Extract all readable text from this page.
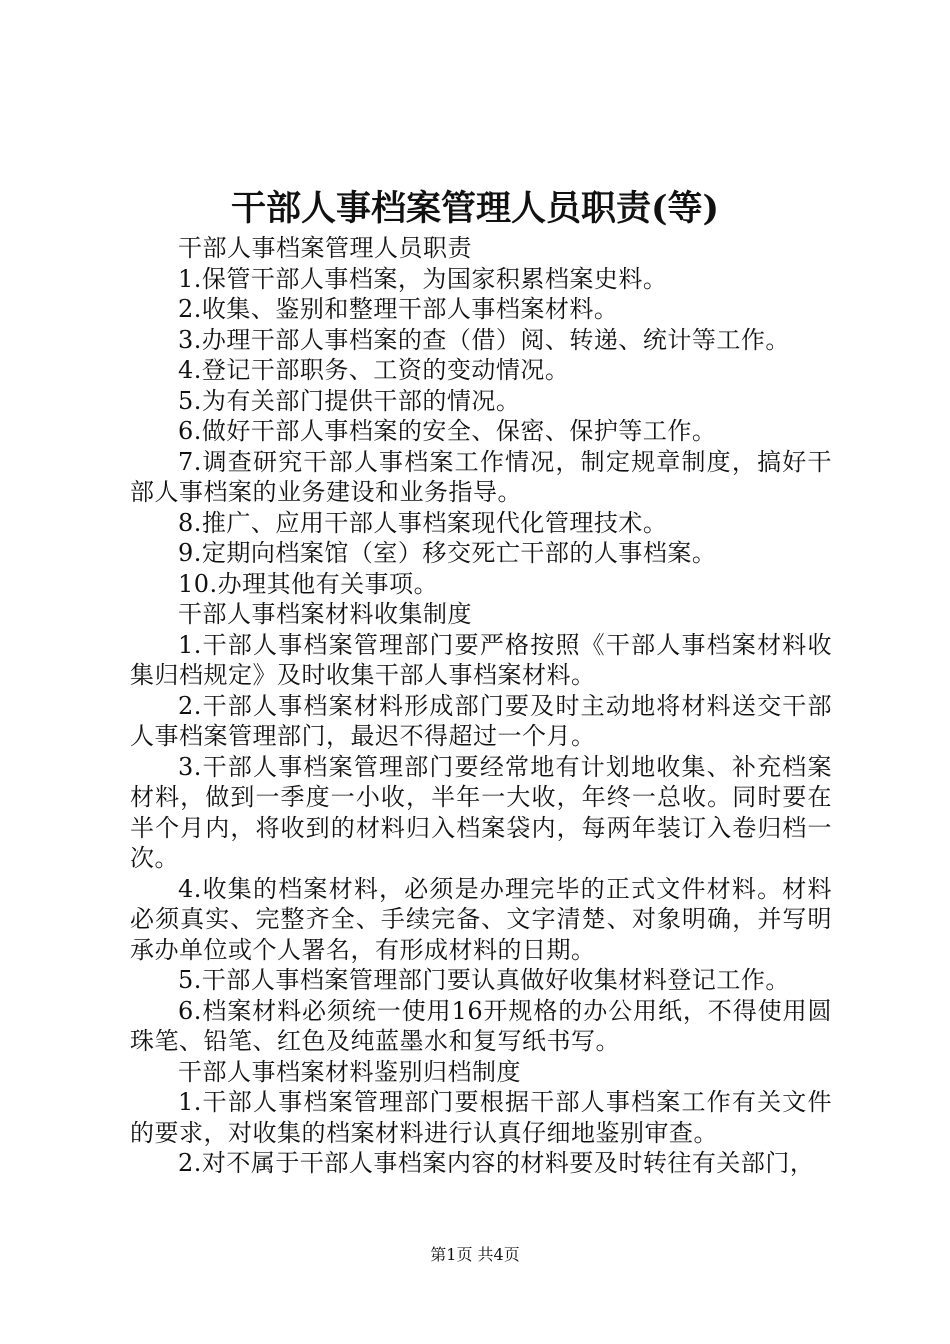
干部人事档案管理人员职责(等)

干部人事档案管理人员职责

1.保管干部人事档案，为国家积累档案史料。

2.收集、鉴别和整理干部人事档案材料。

3.办理干部人事档案的查（借）阅、转递、统计等工作。

4.登记干部职务、工资的变动情况。

5.为有关部门提供干部的情况。

6.做好干部人事档案的安全、保密、保护等工作。

7.调查研究干部人事档案工作情况，制定规章制度，搞好干部人事档案的业务建设和业务指导。

8.推广、应用干部人事档案现代化管理技术。

9.定期向档案馆（室）移交死亡干部的人事档案。

10.办理其他有关事项。

干部人事档案材料收集制度

1.干部人事档案管理部门要严格按照《干部人事档案材料收集归档规定》及时收集干部人事档案材料。

2.干部人事档案材料形成部门要及时主动地将材料送交干部人事档案管理部门，最迟不得超过一个月。

3.干部人事档案管理部门要经常地有计划地收集、补充档案材料，做到一季度一小收，半年一大收，年终一总收。同时要在半个月内，将收到的材料归入档案袋内，每两年装订入卷归档一次。

4.收集的档案材料，必须是办理完毕的正式文件材料。材料必须真实、完整齐全、手续完备、文字清楚、对象明确，并写明承办单位或个人署名，有形成材料的日期。

5.干部人事档案管理部门要认真做好收集材料登记工作。

6.档案材料必须统一使用16开规格的办公用纸，不得使用圆珠笔、铅笔、红色及纯蓝墨水和复写纸书写。

干部人事档案材料鉴别归档制度

1.干部人事档案管理部门要根据干部人事档案工作有关文件的要求，对收集的档案材料进行认真仔细地鉴别审查。

2.对不属于干部人事档案内容的材料要及时转往有关部门，

第1页 共4页
